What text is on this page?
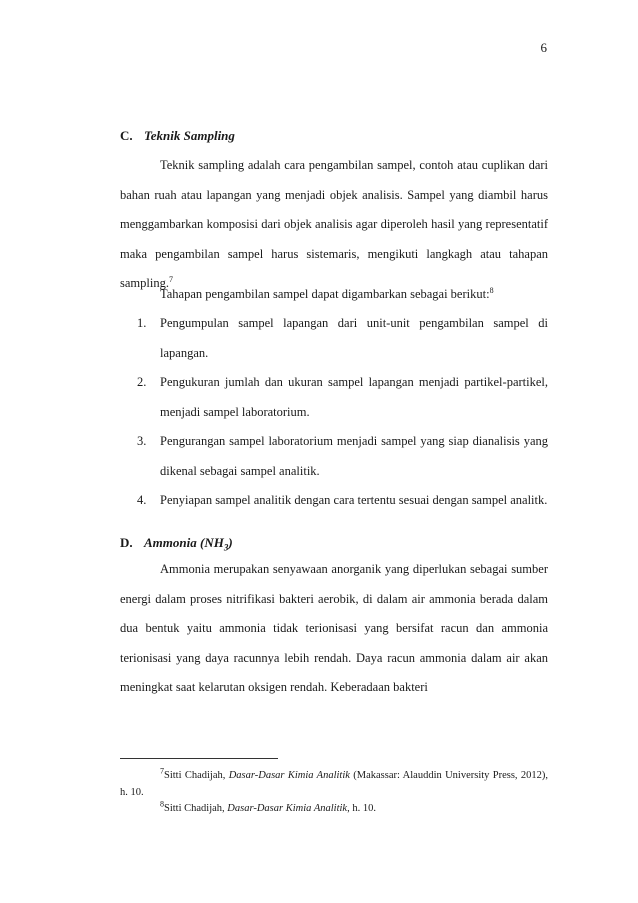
6
C. Teknik Sampling

Teknik sampling adalah cara pengambilan sampel, contoh atau cuplikan dari bahan ruah atau lapangan yang menjadi objek analisis. Sampel yang diambil harus menggambarkan komposisi dari objek analisis agar diperoleh hasil yang representatif maka pengambilan sampel harus sistemaris, mengikuti langkagh atau tahapan sampling.$^7$

Tahapan pengambilan sampel dapat digambarkan sebagai berikut:$^8$

1.	Pengumpulan sampel lapangan dari unit-unit pengambilan sampel di lapangan.
2.	Pengukuran jumlah dan ukuran sampel lapangan menjadi partikel-partikel, menjadi sampel laboratorium.
3.	Pengurangan sampel laboratorium menjadi sampel yang siap dianalisis yang dikenal sebagai sampel analitik.
4.	Penyiapan sampel analitik dengan cara tertentu sesuai dengan sampel analitk.
D. Ammonia $(NH_3)$

Ammonia merupakan senyawaan anorganik yang diperlukan sebagai sumber energi dalam proses nitrifikasi bakteri aerobik, di dalam air ammonia berada dalam dua bentuk yaitu ammonia tidak terionisasi yang bersifat racun dan ammonia terionisasi yang daya racunnya lebih rendah. Daya racun ammonia dalam air akan meningkat saat kelarutan oksigen rendah. Keberadaan bakteri

$^7$Sitti Chadijah, Dasar-Dasar Kimia Analitik (Makassar: Alauddin University Press, 2012), h. 10.

$^8$Sitti Chadijah, Dasar-Dasar Kimia Analitik, h. 10.
